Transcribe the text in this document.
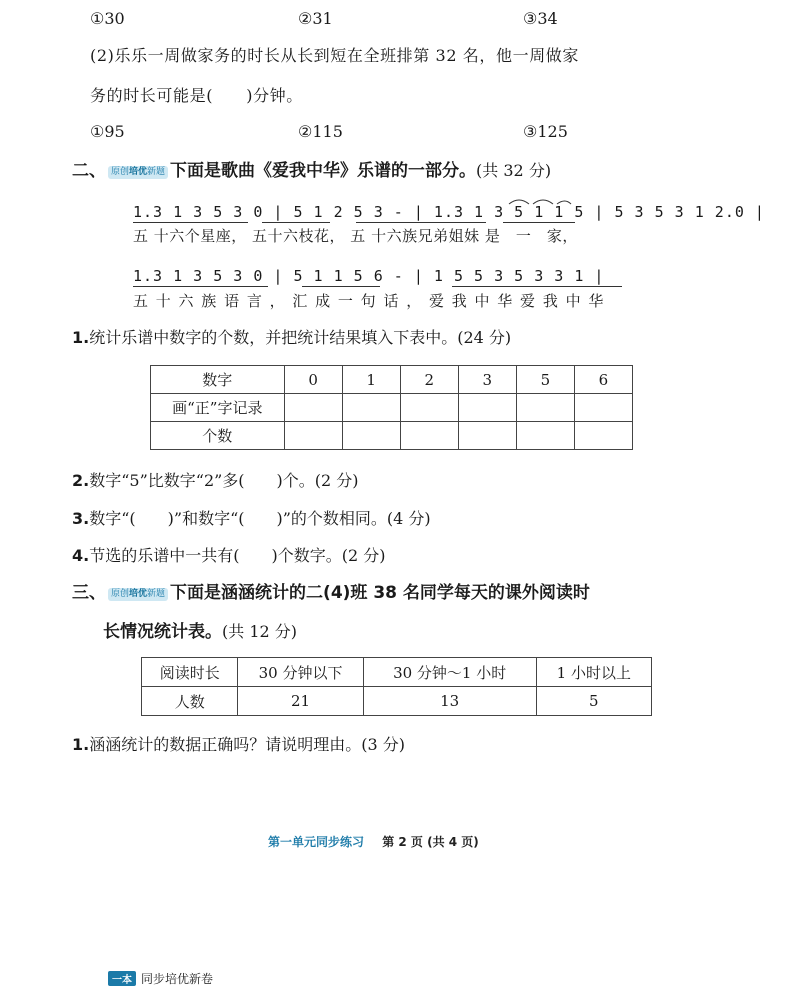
①30	②31	③34
(2)乐乐一周做家务的时长从长到短在全班排第 32 名，他一周做家
务的时长可能是(　　)分钟。
①95	②115	③125
二、 原创培优新题 下面是歌曲《爱我中华》乐谱的一部分。(共 32 分)
1.3 1 3 5 3 0 | 5 1 2 5 3 - | 1.3 1 3 5 1 1 5 | 5 3 5 3 1 2.0 |
五 十六个星座， 五十六枝花， 五 十六族兄弟姐妹 是　一　家，
1.3 1 3 5 3 0 | 5 1 1 5 6 - | 1 5 5 3 5 3 3 1 |
五 十 六 族 语 言 ， 汇 成 一 句 话 ， 爱 我 中 华 爱 我 中 华
1.统计乐谱中数字的个数，并把统计结果填入下表中。(24 分)
数字	0	1	2	3	5	6
画“正”字记录						
个数						
2.数字“5”比数字“2”多(　　)个。(2 分)
3.数字“(　　)”和数字“(　　)”的个数相同。(4 分)
4.节选的乐谱中一共有(　　)个数字。(2 分)
三、 原创培优新题 下面是涵涵统计的二(4)班 38 名同学每天的课外阅读时
长情况统计表。(共 12 分)
阅读时长	30 分钟以下	30 分钟～1 小时	1 小时以上
人数	21	13	5
1.涵涵统计的数据正确吗？请说明理由。(3 分)
第一单元同步练习 第 2 页 (共 4 页)
一本 同步培优新卷
